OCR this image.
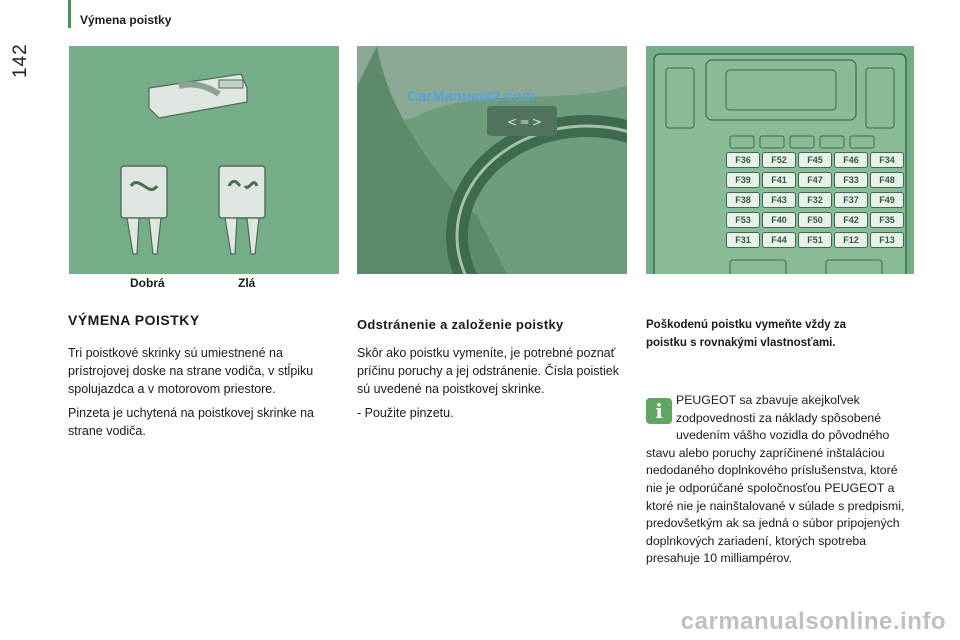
142
Výmena poistky
Dobrá	Zlá
< ═ >
CarManuals2.com
F36	F52	F45	F46	F34
F39	F41	F47	F33	F48
F38	F43	F32	F37	F49
F53	F40	F50	F42	F35
F31	F44	F51	F12	F13
VÝMENA POISTKY

Tri poistkové skrinky sú umiestnené na prístrojovej doske na strane vodiča, v stĺpiku spolujazdca a v motorovom priestore.

Pinzeta je uchytená na poistkovej skrinke na strane vodiča.

Odstránenie a založenie poistky

Skôr ako poistku vymeníte, je potrebné poznať príčinu poruchy a jej odstránenie. Čísla poistiek sú uvedené na poistkovej skrinke.

- Použite pinzetu.

Poškodenú poistku vymeňte vždy za poistku s rovnakými vlastnosťami.
i	PEUGEOT sa zbavuje akejkoľvek zodpovednosti za náklady spôsobené uvedením vášho vozidla do pôvodného stavu alebo poruchy zapríčinené inštaláciou nedodaného doplnkového príslušenstva, ktoré nie je odporúčané spoločnosťou PEUGEOT a ktoré nie je nainštalované v súlade s predpismi, predovšetkým ak sa jedná o súbor pripojených doplnkových zariadení, ktorých spotreba presahuje 10 milliampérov.
carmanualsonline.info
